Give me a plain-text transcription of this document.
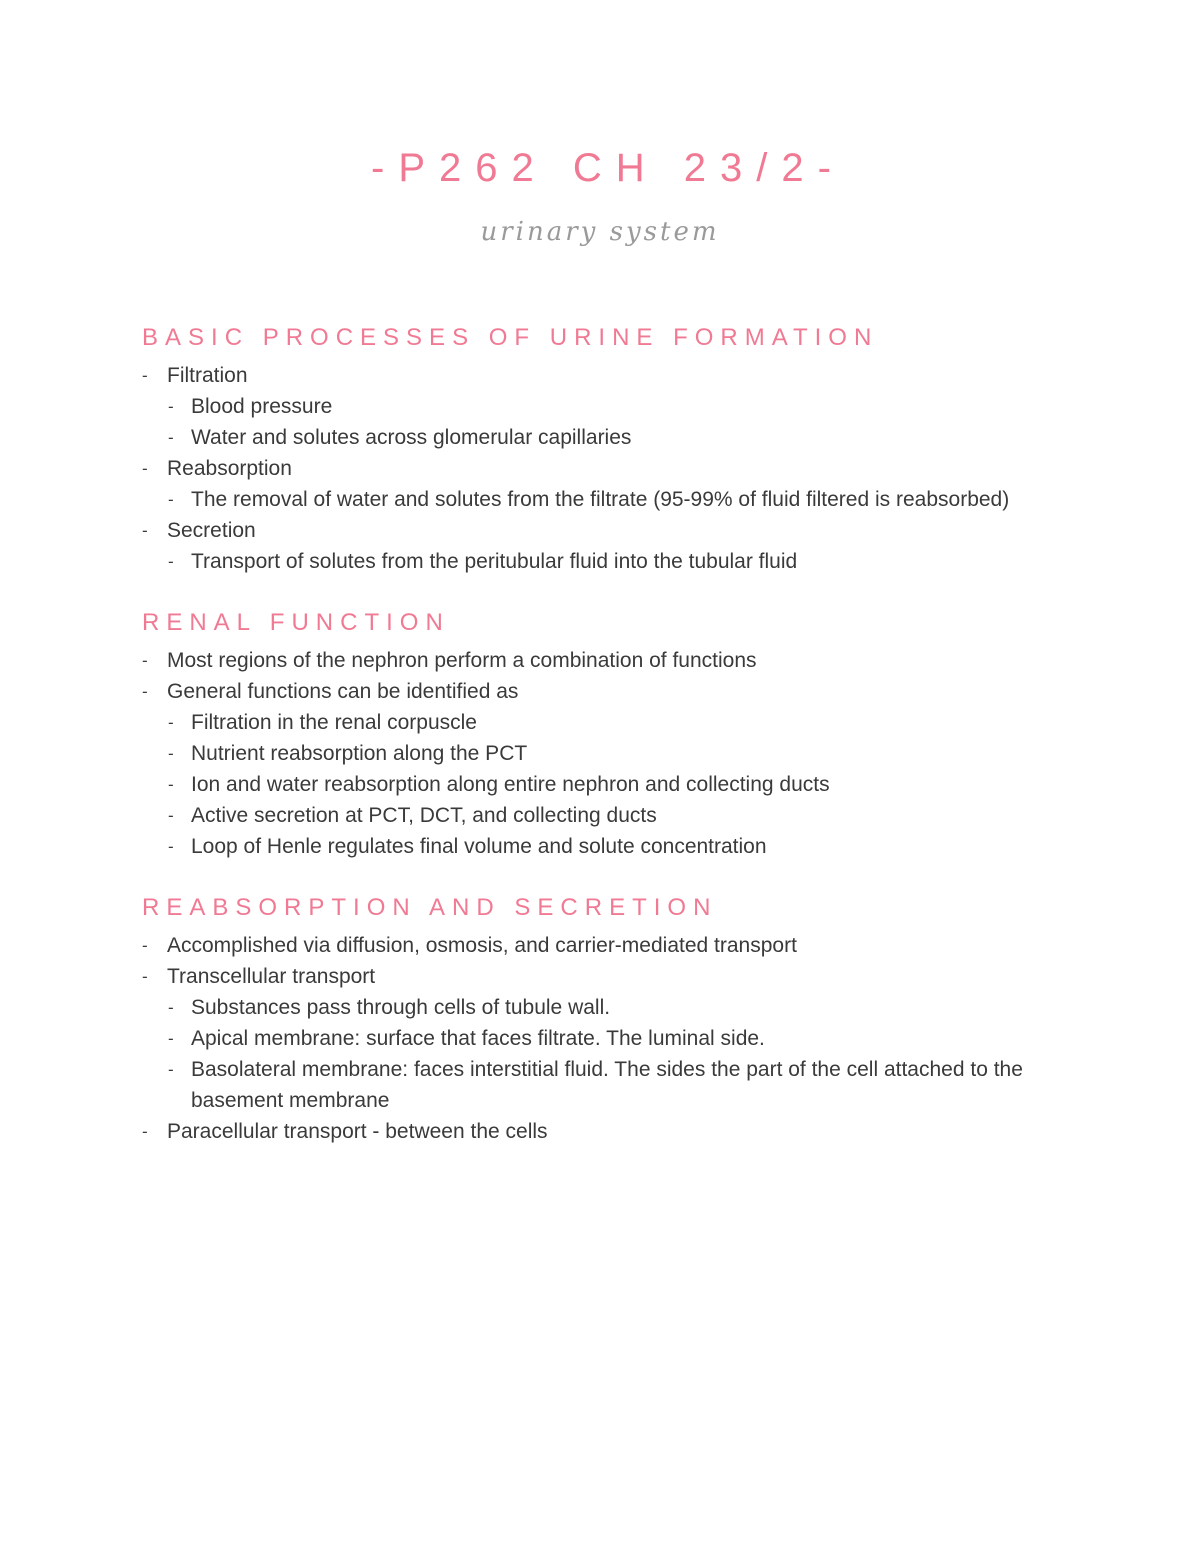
-P262 CH 23/2-
urinary system
BASIC PROCESSES OF URINE FORMATION
- Filtration
- Blood pressure
- Water and solutes across glomerular capillaries
- Reabsorption
- The removal of water and solutes from the filtrate (95-99% of fluid filtered is reabsorbed)
- Secretion
- Transport of solutes from the peritubular fluid into the tubular fluid
RENAL FUNCTION
- Most regions of the nephron perform a combination of functions
- General functions can be identified as
- Filtration in the renal corpuscle
- Nutrient reabsorption along the PCT
- Ion and water reabsorption along entire nephron and collecting ducts
- Active secretion at PCT, DCT, and collecting ducts
- Loop of Henle regulates final volume and solute concentration
REABSORPTION AND SECRETION
- Accomplished via diffusion, osmosis, and carrier-mediated transport
- Transcellular transport
- Substances pass through cells of tubule wall.
- Apical membrane: surface that faces filtrate. The luminal side.
- Basolateral membrane: faces interstitial fluid. The sides the part of the cell attached to the basement membrane
- Paracellular transport - between the cells
